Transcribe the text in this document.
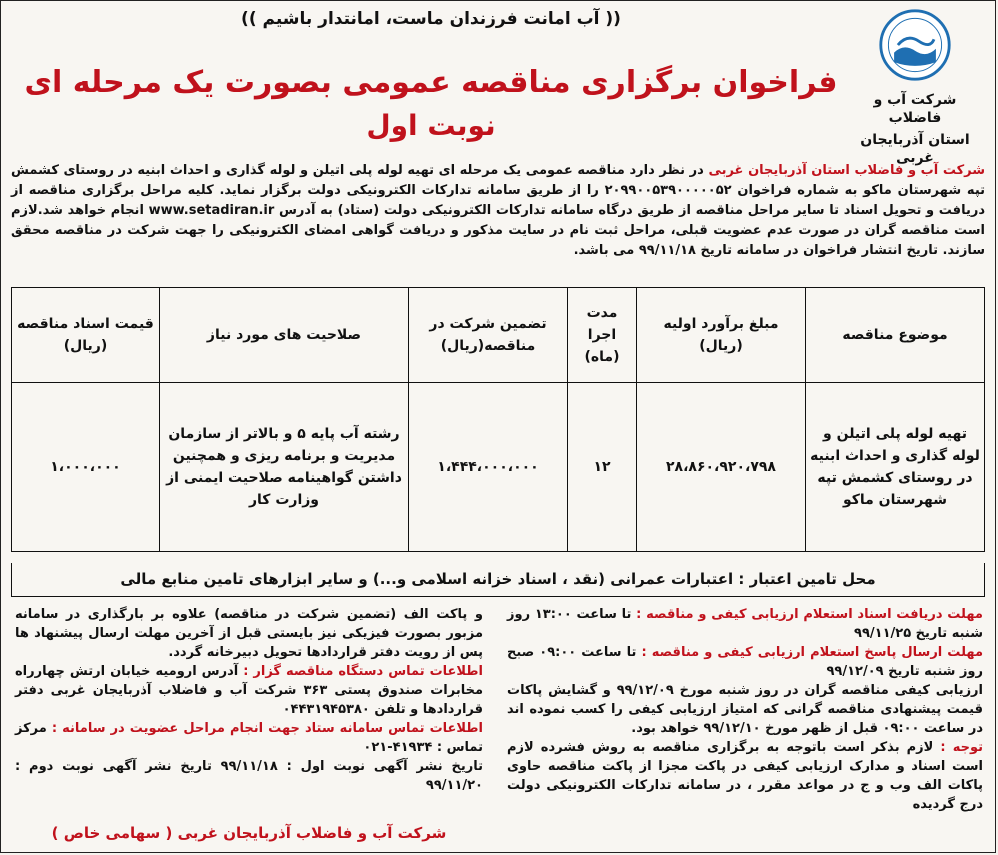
شرکت آب و فاضلاب
استان آذربایجان غربی
(( آب امانت فرزندان ماست، امانتدار باشیم ))
فراخوان برگزاری مناقصه عمومی بصورت یک مرحله ای
نوبت اول
شرکت آب و فاضلاب استان آذربایجان غربی در نظر دارد مناقصه عمومی یک مرحله ای تهیه لوله پلی اتیلن و لوله گذاری و احداث ابنیه در روستای کشمش تپه شهرستان ماکو به شماره فراخوان ۲۰۹۹۰۰۵۳۹۰۰۰۰۰۵۲ را از طریق سامانه تدارکات الکترونیکی دولت برگزار نماید. کلیه مراحل برگزاری مناقصه از دریافت و تحویل اسناد تا سایر مراحل مناقصه از طریق درگاه سامانه تدارکات الکترونیکی دولت (ستاد) به آدرس www.setadiran.ir انجام خواهد شد.لازم است مناقصه گران در صورت عدم عضویت قبلی، مراحل ثبت نام در سایت مذکور و دریافت گواهی امضای الکترونیکی را جهت شرکت در مناقصه محقق سازند. تاریخ انتشار فراخوان در سامانه تاریخ ۹۹/۱۱/۱۸ می باشد.
موضوع مناقصه	مبلغ برآورد اولیه (ریال)	مدت اجرا (ماه)	تضمین شرکت در مناقصه(ریال)	صلاحیت های مورد نیاز	قیمت اسناد مناقصه (ریال)
تهیه لوله پلی اتیلن و لوله گذاری و احداث ابنیه در روستای کشمش تپه شهرستان ماکو	۲۸،۸۶۰،۹۲۰،۷۹۸	۱۲	۱،۴۴۴،۰۰۰،۰۰۰	رشته آب پایه ۵ و بالاتر از سازمان مدیریت و برنامه ریزی و همچنین داشتن گواهینامه صلاحیت ایمنی از وزارت کار	۱،۰۰۰،۰۰۰
محل تامین اعتبار : اعتبارات عمرانی (نقد ، اسناد خزانه اسلامی و...) و سایر ابزارهای تامین منابع مالی
مهلت دریافت اسناد استعلام ارزیابی کیفی و مناقصه : تا ساعت ۱۳:۰۰ روز شنبه تاریخ ۹۹/۱۱/۲۵
مهلت ارسال پاسخ استعلام ارزیابی کیفی و مناقصه : تا ساعت ۰۹:۰۰ صبح روز شنبه تاریخ ۹۹/۱۲/۰۹
ارزیابی کیفی مناقصه گران در روز شنبه مورخ ۹۹/۱۲/۰۹ و گشایش پاکات قیمت پیشنهادی مناقصه گرانی که امتیاز ارزیابی کیفی را کسب نموده اند در ساعت ۰۹:۰۰ قبل از ظهر مورخ ۹۹/۱۲/۱۰ خواهد بود.
توجه : لازم بذکر است باتوجه به برگزاری مناقصه به روش فشرده لازم است اسناد و مدارک ارزیابی کیفی در پاکت مجزا از پاکت مناقصه حاوی پاکات الف وب و ج در مواعد مقرر ، در سامانه تدارکات الکترونیکی دولت درج گردیده
و پاکت الف (تضمین شرکت در مناقصه) علاوه بر بارگذاری در سامانه مزبور بصورت فیزیکی نیز بایستی قبل از آخرین مهلت ارسال پیشنهاد ها پس از رویت دفتر قراردادها تحویل دبیرخانه گردد.
اطلاعات تماس دستگاه مناقصه گزار : آدرس ارومیه خیابان ارتش چهارراه مخابرات صندوق پستی ۳۶۳ شرکت آب و فاضلاب آذربایجان غربی دفتر قراردادها و تلفن ۰۴۴۳۱۹۴۵۳۸۰
اطلاعات تماس سامانه ستاد جهت انجام مراحل عضویت در سامانه : مرکز تماس : ۴۱۹۳۴-۰۲۱
تاریخ نشر آگهی نوبت اول : ۹۹/۱۱/۱۸ تاریخ نشر آگهی نوبت دوم : ۹۹/۱۱/۲۰
شرکت آب و فاضلاب آذربایجان غربی ( سهامی خاص )
